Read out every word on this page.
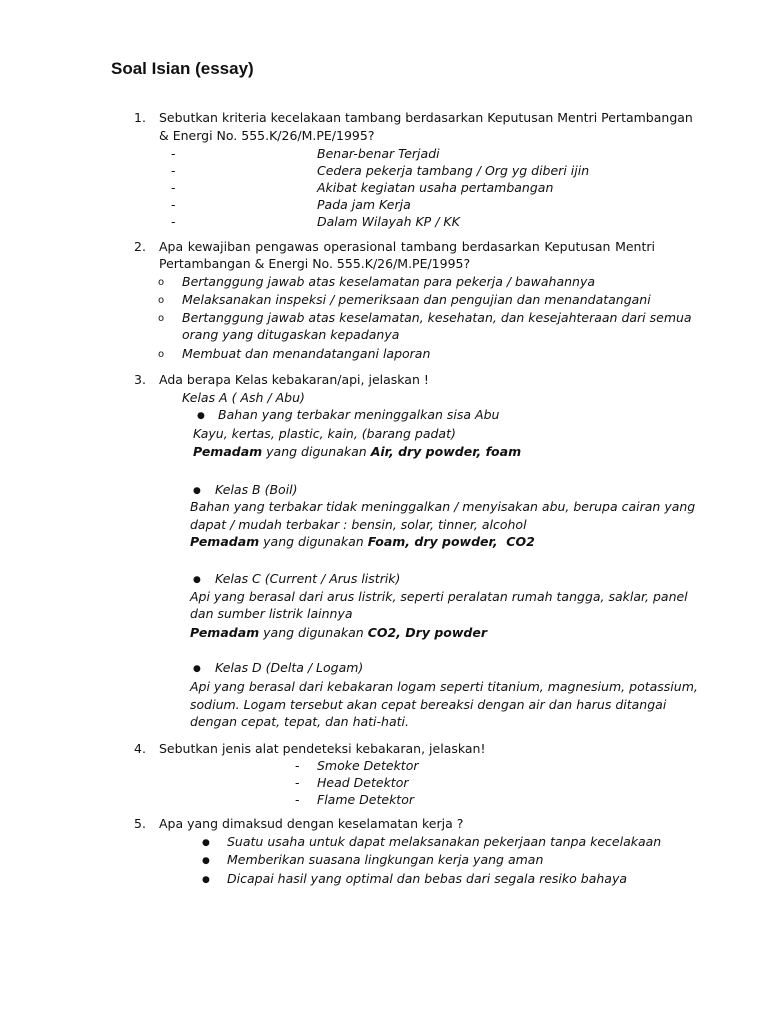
Soal Isian (essay)
1. Sebutkan kriteria kecelakaan tambang berdasarkan Keputusan Mentri Pertambangan
& Energi No. 555.K/26/M.PE/1995?
-	Benar-benar Terjadi
-	Cedera pekerja tambang / Org yg diberi ijin
-	Akibat kegiatan usaha pertambangan
-	Pada jam Kerja
-	Dalam Wilayah KP / KK
2. Apa kewajiban pengawas operasional tambang berdasarkan Keputusan Mentri
Pertambangan & Energi No. 555.K/26/M.PE/1995?
o Bertanggung jawab atas keselamatan para pekerja / bawahannya
o Melaksanakan inspeksi / pemeriksaan dan pengujian dan menandatangani
o Bertanggung jawab atas keselamatan, kesehatan, dan kesejahteraan dari semua
orang yang ditugaskan kepadanya
o Membuat dan menandatangani laporan
3. Ada berapa Kelas kebakaran/api, jelaskan !
Kelas A ( Ash / Abu)
● Bahan yang terbakar meninggalkan sisa Abu
Kayu, kertas, plastic, kain, (barang padat)
Pemadam yang digunakan Air, dry powder, foam
● Kelas B (Boil)
Bahan yang terbakar tidak meninggalkan / menyisakan abu, berupa cairan yang
dapat / mudah terbakar : bensin, solar, tinner, alcohol
Pemadam yang digunakan Foam, dry powder,  CO2
● Kelas C (Current / Arus listrik)
Api yang berasal dari arus listrik, seperti peralatan rumah tangga, saklar, panel
dan sumber listrik lainnya
Pemadam yang digunakan CO2, Dry powder
● Kelas D (Delta / Logam)
Api yang berasal dari kebakaran logam seperti titanium, magnesium, potassium,
sodium. Logam tersebut akan cepat bereaksi dengan air dan harus ditangai
dengan cepat, tepat, dan hati-hati.
4. Sebutkan jenis alat pendeteksi kebakaran, jelaskan!
- Smoke Detektor
- Head Detektor
- Flame Detektor
5. Apa yang dimaksud dengan keselamatan kerja ?
● Suatu usaha untuk dapat melaksanakan pekerjaan tanpa kecelakaan
● Memberikan suasana lingkungan kerja yang aman
● Dicapai hasil yang optimal dan bebas dari segala resiko bahaya
